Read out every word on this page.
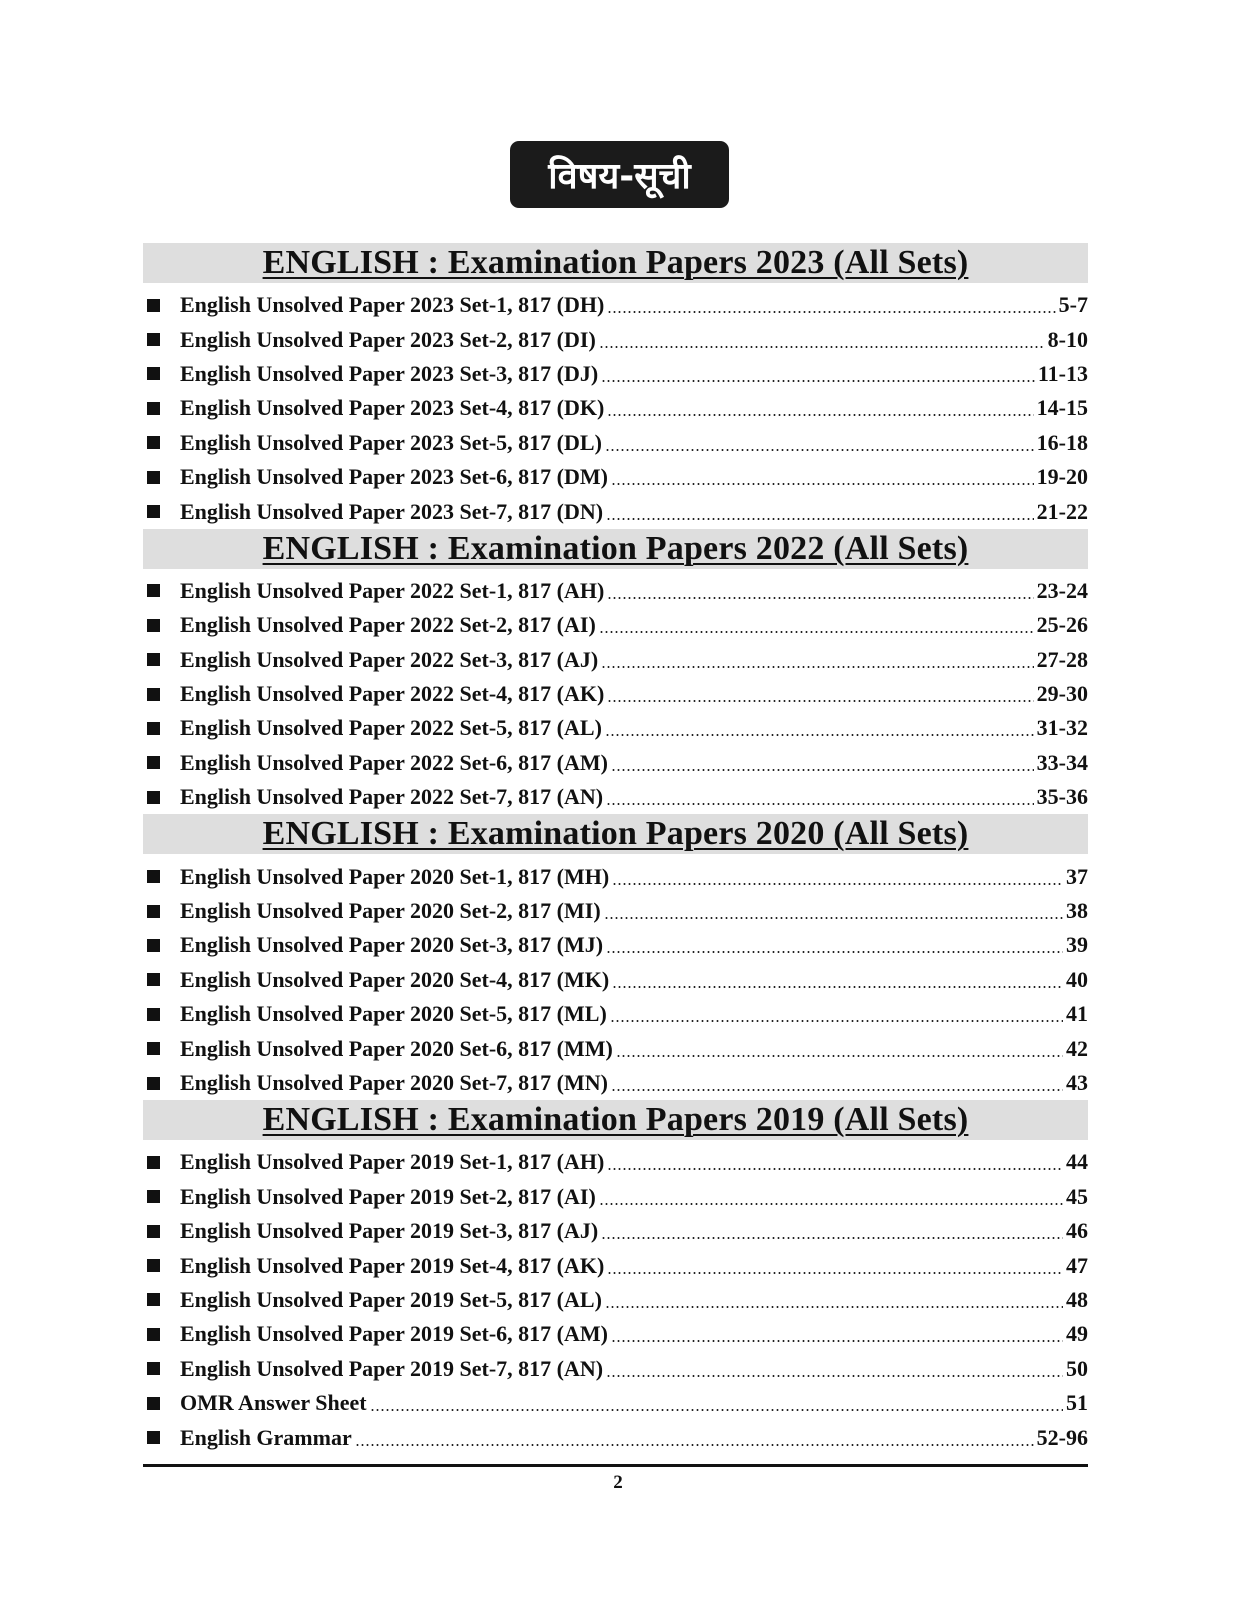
विषय-सूची
ENGLISH : Examination Papers 2023 (All Sets)
English Unsolved Paper 2023 Set-1, 817 (DH)	5-7
English Unsolved Paper 2023 Set-2, 817 (DI)	8-10
English Unsolved Paper 2023 Set-3, 817 (DJ)	11-13
English Unsolved Paper 2023 Set-4, 817 (DK)	14-15
English Unsolved Paper 2023 Set-5, 817 (DL)	16-18
English Unsolved Paper 2023 Set-6, 817 (DM)	19-20
English Unsolved Paper 2023 Set-7, 817 (DN)	21-22
ENGLISH : Examination Papers 2022 (All Sets)
English Unsolved Paper 2022 Set-1, 817 (AH)	23-24
English Unsolved Paper 2022 Set-2, 817 (AI)	25-26
English Unsolved Paper 2022 Set-3, 817 (AJ)	27-28
English Unsolved Paper 2022 Set-4, 817 (AK)	29-30
English Unsolved Paper 2022 Set-5, 817 (AL)	31-32
English Unsolved Paper 2022 Set-6, 817 (AM)	33-34
English Unsolved Paper 2022 Set-7, 817 (AN)	35-36
ENGLISH : Examination Papers 2020 (All Sets)
English Unsolved Paper 2020 Set-1, 817 (MH)	37
English Unsolved Paper 2020 Set-2, 817 (MI)	38
English Unsolved Paper 2020 Set-3, 817 (MJ)	39
English Unsolved Paper 2020 Set-4, 817 (MK)	40
English Unsolved Paper 2020 Set-5, 817 (ML)	41
English Unsolved Paper 2020 Set-6, 817 (MM)	42
English Unsolved Paper 2020 Set-7, 817 (MN)	43
ENGLISH : Examination Papers 2019 (All Sets)
English Unsolved Paper 2019 Set-1, 817 (AH)	44
English Unsolved Paper 2019 Set-2, 817 (AI)	45
English Unsolved Paper 2019 Set-3, 817 (AJ)	46
English Unsolved Paper 2019 Set-4, 817 (AK)	47
English Unsolved Paper 2019 Set-5, 817 (AL)	48
English Unsolved Paper 2019 Set-6, 817 (AM)	49
English Unsolved Paper 2019 Set-7, 817 (AN)	50
OMR Answer Sheet	51
English Grammar	52-96
2
